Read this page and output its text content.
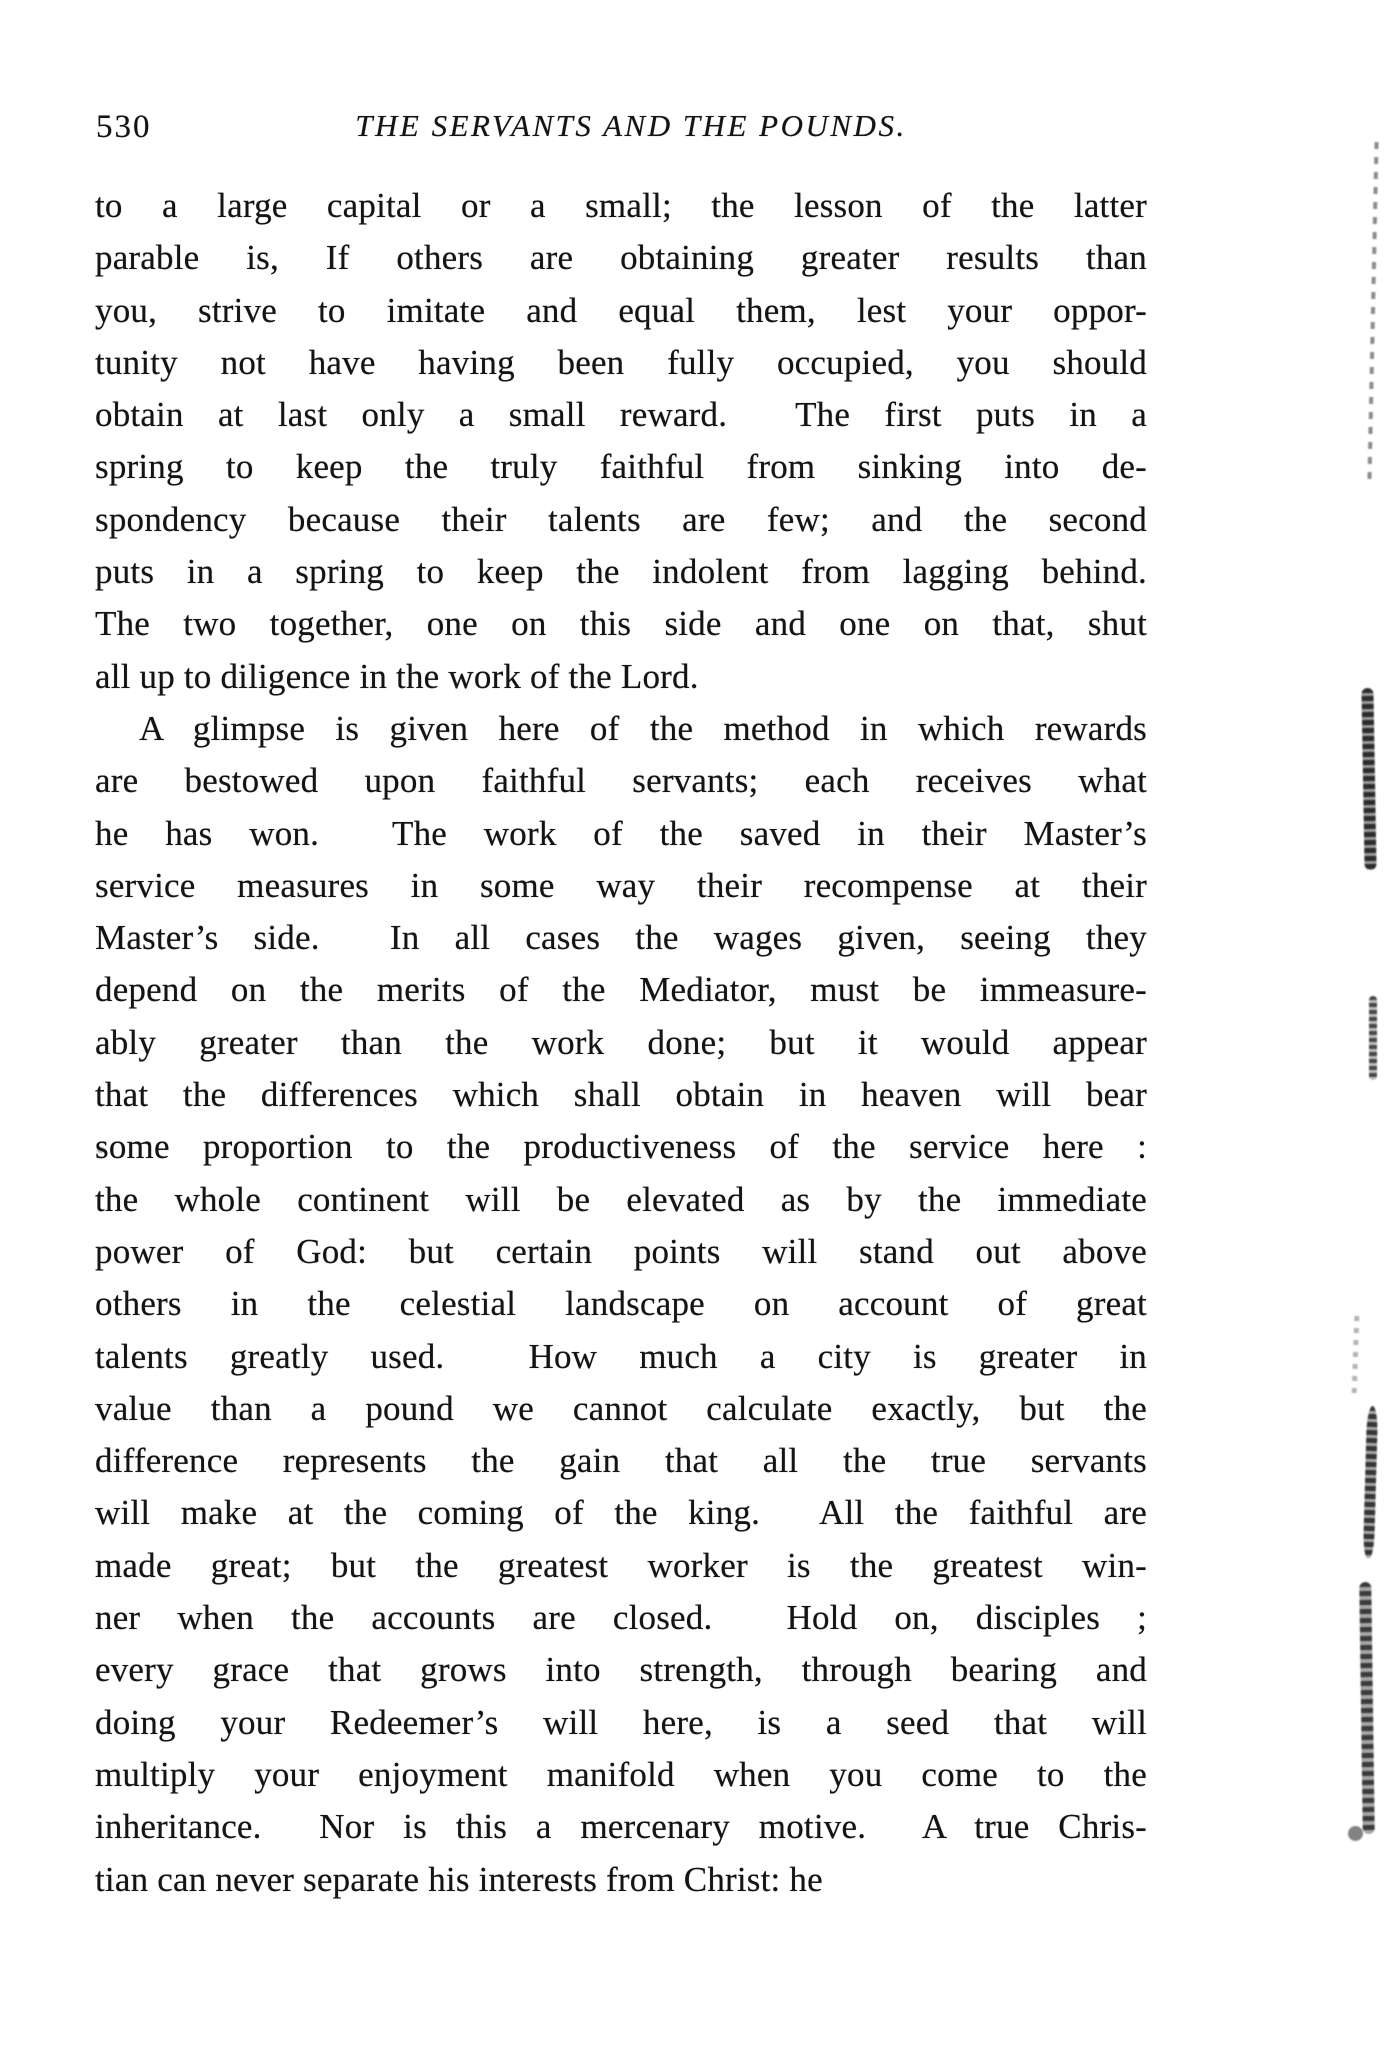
530	THE SERVANTS AND THE POUNDS.
to a large capital or a small; the lesson of the latter
parable is, If others are obtaining greater results than
you, strive to imitate and equal them, lest your oppor-
tunity not have having been fully occupied, you should
obtain at last only a small reward.  The first puts in a
spring to keep the truly faithful from sinking into de-
spondency because their talents are few; and the second
puts in a spring to keep the indolent from lagging behind.
The two together, one on this side and one on that, shut
all up to diligence in the work of the Lord.
A glimpse is given here of the method in which rewards
are bestowed upon faithful servants; each receives what
he has won.  The work of the saved in their Master’s
service measures in some way their recompense at their
Master’s side.  In all cases the wages given, seeing they
depend on the merits of the Mediator, must be immeasure-
ably greater than the work done; but it would appear
that the differences which shall obtain in heaven will bear
some proportion to the productiveness of the service here :
the whole continent will be elevated as by the immediate
power of God: but certain points will stand out above
others in the celestial landscape on account of great
talents greatly used.  How much a city is greater in
value than a pound we cannot calculate exactly, but the
difference represents the gain that all the true servants
will make at the coming of the king.  All the faithful are
made great; but the greatest worker is the greatest win-
ner when the accounts are closed.  Hold on, disciples ;
every grace that grows into strength, through bearing and
doing your Redeemer’s will here, is a seed that will
multiply your enjoyment manifold when you come to the
inheritance.  Nor is this a mercenary motive.  A true Chris-
tian can never separate his interests from Christ: he
